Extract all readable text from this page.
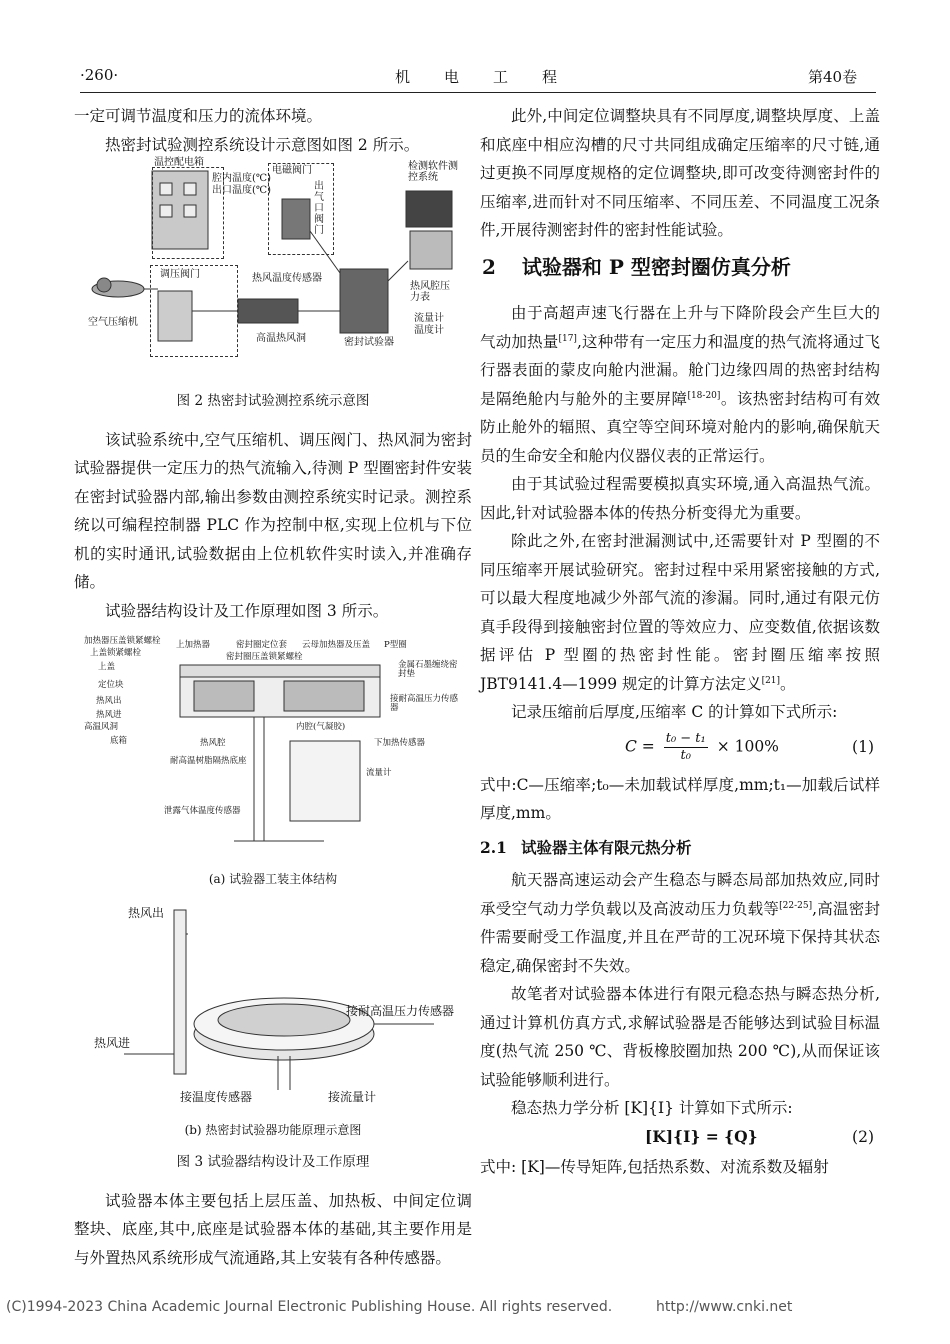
·260·	机电工程	第40卷

一定可调节温度和压力的流体环境。

热密封试验测控系统设计示意图如图 2 所示。

温控配电箱
腔内温度(℃)
出口温度(℃)
电磁阀门
出气口阀门
检测软件测控系统
调压阀门	热风温度传感器
热风腔压力表
空气压缩机
高温热风洞	密封试验器
流量计
温度计
图 2 热密封试验测控系统示意图

该试验系统中,空气压缩机、调压阀门、热风洞为密封试验器提供一定压力的热气流输入,待测 P 型圈密封件安装在密封试验器内部,输出参数由测控系统实时记录。测控系统以可编程控制器 PLC 作为控制中枢,实现上位机与下位机的实时通讯,试验数据由上位机软件实时读入,并准确存储。

试验器结构设计及工作原理如图 3 所示。

加热器压盖锁紧螺栓
上盖锁紧螺栓
上盖
定位块
热风出
热风进
高温风洞
底箱
上加热器	密封圈定位套 云母加热器及压盖 P型圈
密封圈压盖锁紧螺栓
金属石墨缠绕密封垫
接耐高温压力传感器
内腔(气凝胶)
下加热传感器
热风腔
耐高温树脂隔热底座
流量计
泄露气体温度传感器
(a) 试验器工装主体结构
热风出
热风进
接耐高温压力传感器
接温度传感器	接流量计
(b) 热密封试验器功能原理示意图
图 3 试验器结构设计及工作原理

试验器本体主要包括上层压盖、加热板、中间定位调整块、底座,其中,底座是试验器本体的基础,其主要作用是与外置热风系统形成气流通路,其上安装有各种传感器。

此外,中间定位调整块具有不同厚度,调整块厚度、上盖和底座中相应沟槽的尺寸共同组成确定压缩率的尺寸链,通过更换不同厚度规格的定位调整块,即可改变待测密封件的压缩率,进而针对不同压缩率、不同压差、不同温度工况条件,开展待测密封件的密封性能试验。

2 试验器和 P 型密封圈仿真分析

由于高超声速飞行器在上升与下降阶段会产生巨大的气动加热量[17],这种带有一定压力和温度的热气流将通过飞行器表面的蒙皮向舱内泄漏。舱门边缘四周的热密封结构是隔绝舱内与舱外的主要屏障[18-20]。该热密封结构可有效防止舱外的辐照、真空等空间环境对舱内的影响,确保航天员的生命安全和舱内仪器仪表的正常运行。

由于其试验过程需要模拟真实环境,通入高温热气流。因此,针对试验器本体的传热分析变得尤为重要。

除此之外,在密封泄漏测试中,还需要针对 P 型圈的不同压缩率开展试验研究。密封过程中采用紧密接触的方式,可以最大程度地减少外部气流的渗漏。同时,通过有限元仿真手段得到接触密封位置的等效应力、应变数值,依据该数据评估 P 型圈的热密封性能。密封圈压缩率按照 JBT9141.4—1999 规定的计算方法定义[21]。

记录压缩前后厚度,压缩率 C 的计算如下式所示:

$C = \frac{\text{t₀ − t₁}}{\text{t₀}} \times 100\%$	(1)

式中:C—压缩率;t₀—未加载试样厚度,mm;t₁—加载后试样厚度,mm。

2.1 试验器主体有限元热分析

航天器高速运动会产生稳态与瞬态局部加热效应,同时承受空气动力学负载以及高波动压力负载等[22-25],高温密封件需要耐受工作温度,并且在严苛的工况环境下保持其状态稳定,确保密封不失效。

故笔者对试验器本体进行有限元稳态热与瞬态热分析,通过计算机仿真方式,求解试验器是否能够达到试验目标温度(热气流 250 ℃、背板橡胶圈加热 200 ℃),从而保证该试验能够顺利进行。

稳态热力学分析 [K]{I} 计算如下式所示:

[K]{I} = {Q}	(2)

式中: [K]—传导矩阵,包括热系数、对流系数及辐射

(C)1994-2023 China Academic Journal Electronic Publishing House. All rights reserved.	http://www.cnki.net
